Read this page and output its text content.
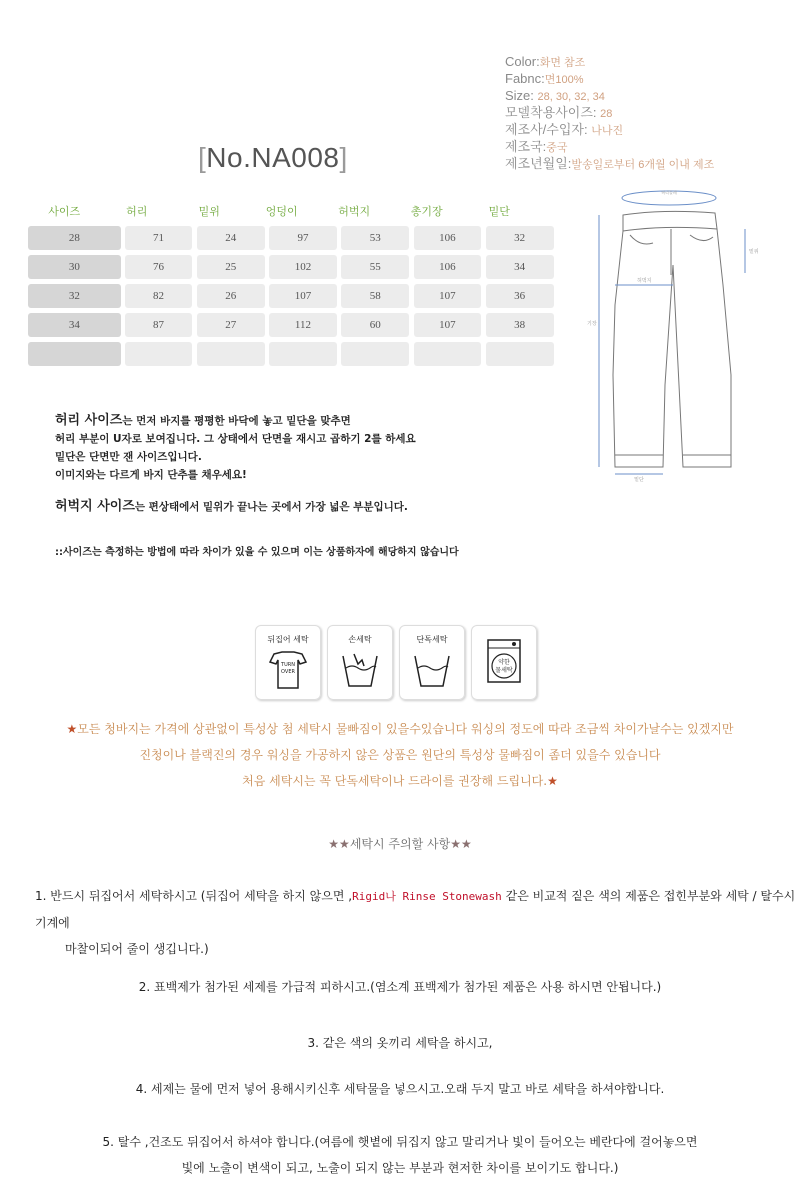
Color:화면 참조
Fabnc:면100%
Size: 28, 30, 32, 34
모델착용사이즈: 28
제조사/수입자: 나나진
제조국:중국
제조년월일:발송일로부터 6개월 이내 제조
[No.NA008]
사이즈	허리	밑위	엉덩이	허벅지	총기장	밑단
28	71	24	97	53	106	32
30	76	25	102	55	106	34
32	82	26	107	58	107	36
34	87	27	112	60	107	38
허리둘레
밑위
허벅지
기장
밑단
허리 사이즈는 먼저 바지를 평평한 바닥에 놓고 밑단을 맞추면
허리 부분이 U자로 보여집니다. 그 상태에서 단면을 재시고 곱하기 2를 하세요
밑단은 단면만 잰 사이즈입니다.
이미지와는 다르게 바지 단추를 채우세요!
허벅지 사이즈는 편상태에서 밑위가 끝나는 곳에서 가장 넓은 부분입니다.
::사이즈는 측정하는 방법에 따라 차이가 있을 수 있으며 이는 상품하자에 해당하지 않습니다
뒤집어 세탁
TURN
OVER
손세탁	단독세탁
약한
물세탁
★모든 청바지는 가격에 상관없이 특성상 첨 세탁시 물빠짐이 있을수있습니다 워싱의 정도에 따라 조금씩 차이가날수는 있겠지만
진청이나 블랙진의 경우 워싱을 가공하지 않은 상품은 원단의 특성상 물빠짐이 좀더 있을수 있습니다
처음 세탁시는 꼭 단독세탁이나 드라이를 권장해 드립니다.★
★★세탁시 주의할 사항★★

1. 반드시 뒤집어서 세탁하시고 (뒤집어 세탁을 하지 않으면 ,Rigid나 Rinse Stonewash 같은 비교적 짙은 색의 제품은 접힌부분와 세탁 / 탈수시 기계에

마찰이되어 줄이 생깁니다.)

2. 표백제가 첨가된 세제를 가급적 피하시고.(염소계 표백제가 첨가된 제품은 사용 하시면 안됩니다.)

3. 같은 색의 옷끼리 세탁을 하시고,

4. 세제는 물에 먼저 넣어 용해시키신후 세탁물을 넣으시고.오래 두지 말고 바로 세탁을 하셔야합니다.

5. 탈수 ,건조도 뒤집어서 하셔야 합니다.(여름에 햇볕에 뒤집지 않고 말리거나 빛이 들어오는 베란다에 걸어놓으면

빛에 노출이 변색이 되고, 노출이 되지 않는 부분과 현저한 차이를 보이기도 합니다.)
